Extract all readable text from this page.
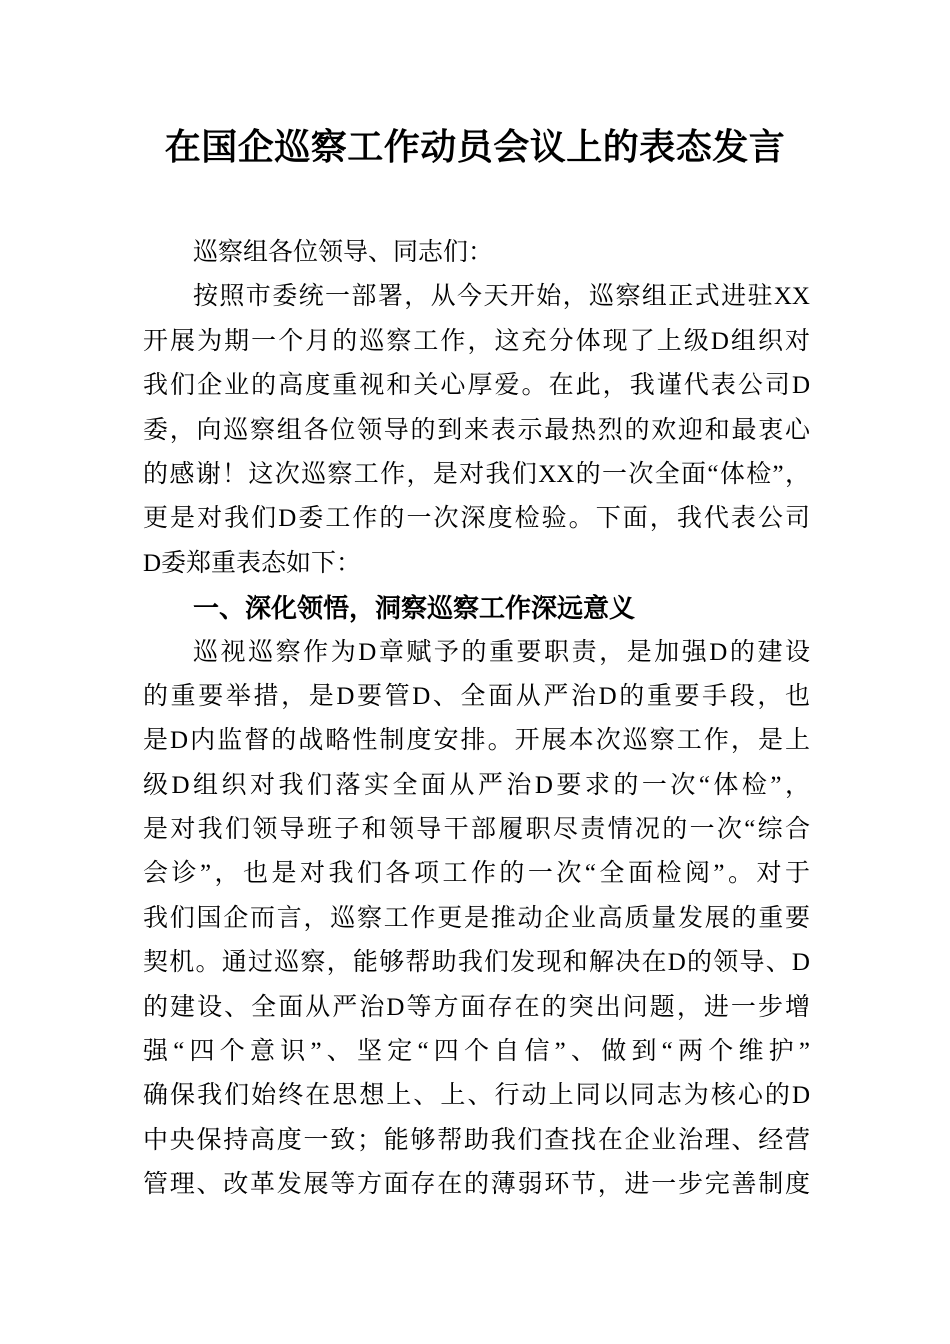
在国企巡察工作动员会议上的表态发言
巡察组各位领导、同志们：
按照市委统一部署，从今天开始，巡察组正式进驻XX
开展为期一个月的巡察工作，这充分体现了上级D组织对
我们企业的高度重视和关心厚爱。在此，我谨代表公司D
委，向巡察组各位领导的到来表示最热烈的欢迎和最衷心
的感谢！这次巡察工作，是对我们XX的一次全面“体检”，
更是对我们D委工作的一次深度检验。下面，我代表公司
D委郑重表态如下：
一、深化领悟，洞察巡察工作深远意义
巡视巡察作为D章赋予的重要职责，是加强D的建设
的重要举措，是D要管D、全面从严治D的重要手段，也
是D内监督的战略性制度安排。开展本次巡察工作，是上
级D组织对我们落实全面从严治D要求的一次“体检”，
是对我们领导班子和领导干部履职尽责情况的一次“综合
会诊”，也是对我们各项工作的一次“全面检阅”。对于
我们国企而言，巡察工作更是推动企业高质量发展的重要
契机。通过巡察，能够帮助我们发现和解决在D的领导、D
的建设、全面从严治D等方面存在的突出问题，进一步增
强“四个意识”、坚定“四个自信”、做到“两个维护”
确保我们始终在思想上、上、行动上同以同志为核心的D
中央保持高度一致；能够帮助我们查找在企业治理、经营
管理、改革发展等方面存在的薄弱环节，进一步完善制度
